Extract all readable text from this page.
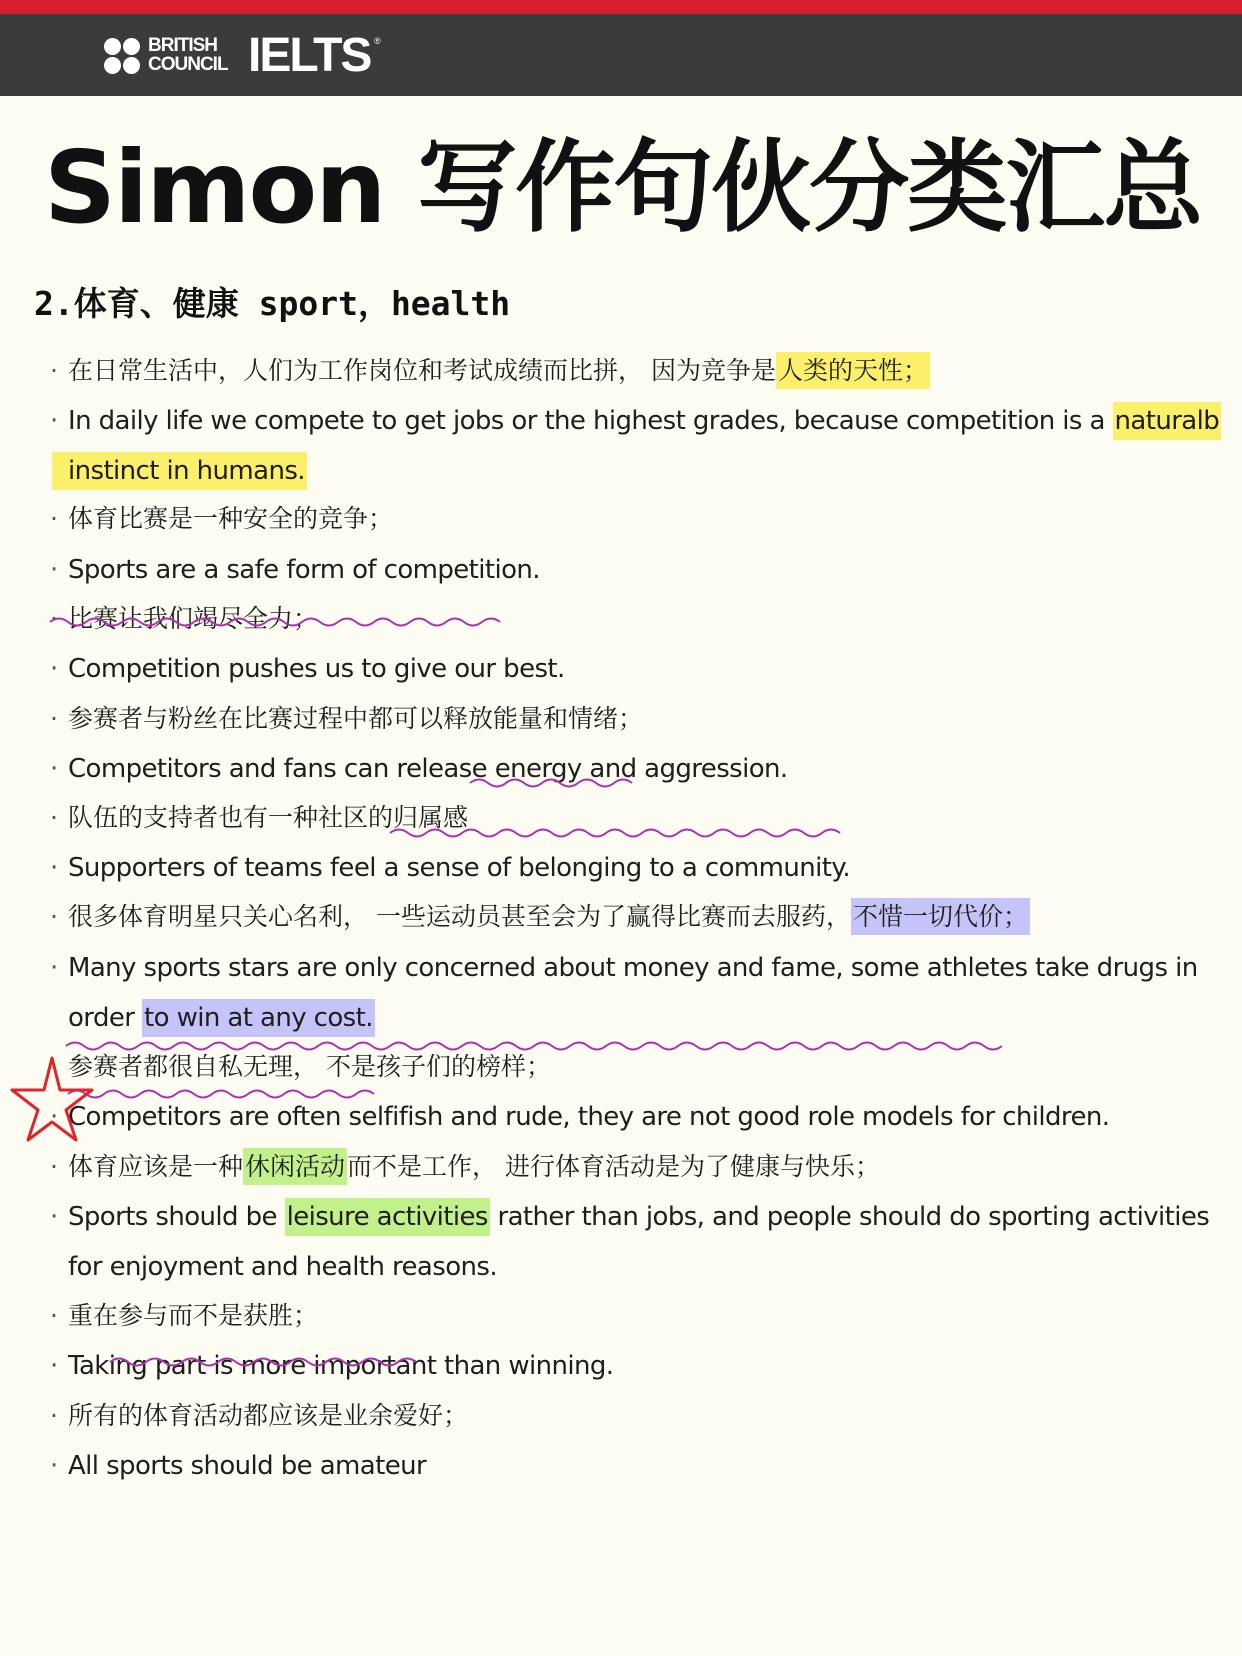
BRITISH
COUNCIL IELTS ®
Simon 写作句伙分类汇总
2.体育、健康 sport，health
· 在日常生活中，人们为工作岗位和考试成绩而比拼， 因为竞争是人类的天性；
· In daily life we compete to get jobs or the highest grades, because competition is a naturalb
instinct in humans.
· 体育比赛是一种安全的竞争；
· Sports are a safe form of competition.
· 比赛让我们竭尽全力；
· Competition pushes us to give our best.
· 参赛者与粉丝在比赛过程中都可以释放能量和情绪；
· Competitors and fans can release energy and aggression.
· 队伍的支持者也有一种社区的归属感
· Supporters of teams feel a sense of belonging to a community.
· 很多体育明星只关心名利， 一些运动员甚至会为了赢得比赛而去服药，不惜一切代价；
· Many sports stars are only concerned about money and fame, some athletes take drugs in
order to win at any cost.
· 参赛者都很自私无理， 不是孩子们的榜样；
· Competitors are often selfifish and rude, they are not good role models for children.
· 体育应该是一种休闲活动而不是工作， 进行体育活动是为了健康与快乐；
· Sports should be leisure activities rather than jobs, and people should do sporting activities
for enjoyment and health reasons.
· 重在参与而不是获胜；
· Taking part is more important than winning.
· 所有的体育活动都应该是业余爱好；
· All sports should be amateur
